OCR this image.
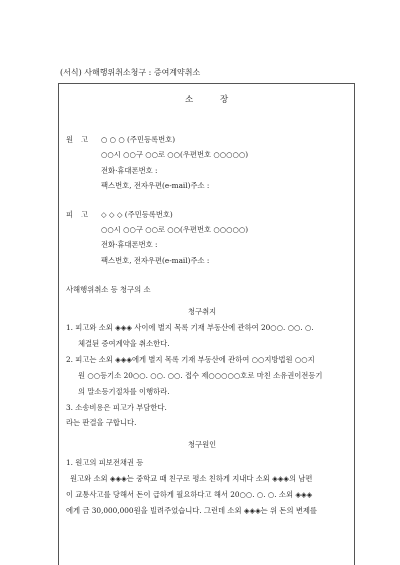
(서식) 사해행위취소청구 : 증여계약취소
소	장
원 고 ○ ○ ○ (주민등록번호)
○○시 ○○구 ○○로 ○○(우편번호 ○○○○○)
전화·휴대폰번호 :
팩스번호, 전자우편(e-mail)주소 :
피 고 ◇ ◇ ◇ (주민등록번호)
○○시 ○○구 ○○로 ○○(우편번호 ○○○○○)
전화·휴대폰번호 :
팩스번호, 전자우편(e-mail)주소 :
사해행위취소 등 청구의 소
청구취지
1. 피고와 소외 ◈◈◈ 사이에 별지 목록 기재 부동산에 관하여 20○○. ○○. ○.
체결된 증여계약을 취소한다.
2. 피고는 소외 ◈◈◈에게 별지 목록 기재 부동산에 관하여 ○○지방법원 ○○지
원 ○○등기소 20○○. ○○. ○○. 접수 제○○○○○호로 마친 소유권이전등기
의 말소등기절차를 이행하라.
3. 소송비용은 피고가 부담한다.
라는 판결을 구합니다.
청구원인
1. 원고의 피보전채권 등
원고와 소외 ◈◈◈는 중학교 때 친구로 평소 친하게 지내다 소외 ◈◈◈의 남편
이 교통사고를 당해서 돈이 급하게 필요하다고 해서 20○○. ○. ○. 소외 ◈◈◈
에게 금 30,000,000원을 빌려주었습니다. 그런데 소외 ◈◈◈는 위 돈의 변제를
